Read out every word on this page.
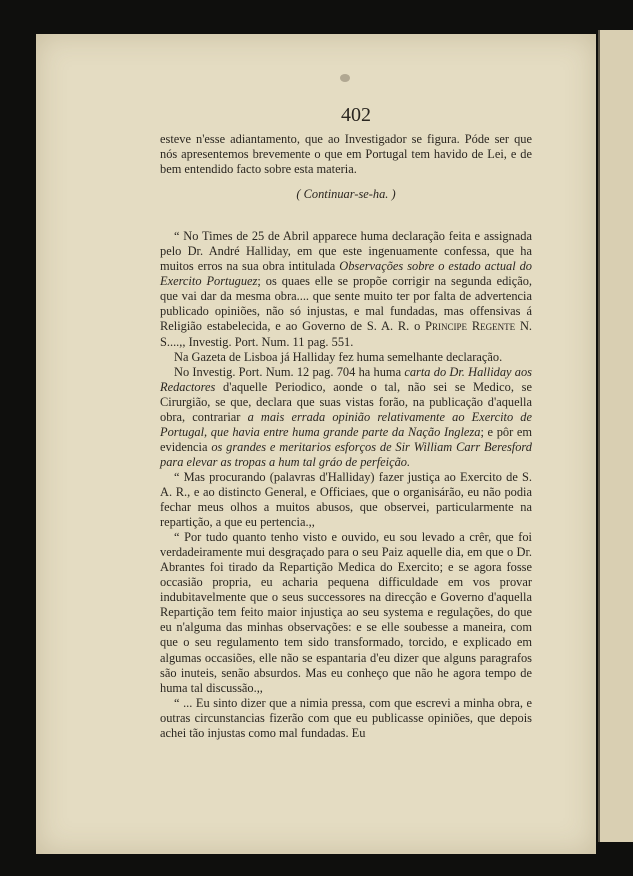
402

esteve n'esse adiantamento, que ao Investigador se figura. Póde ser que nós apresentemos brevemente o que em Portugal tem havido de Lei, e de bem entendido facto sobre esta materia.

( Continuar-se-ha. )

“ No Times de 25 de Abril apparece huma declaração feita e assignada pelo Dr. André Halliday, em que este ingenuamente confessa, que ha muitos erros na sua obra intitulada Observações sobre o estado actual do Exercito Portuguez; os quaes elle se propõe corrigir na segunda edição, que vai dar da mesma obra.... que sente muito ter por falta de advertencia publicado opiniões, não só injustas, e mal fundadas, mas offensivas á Religião estabelecida, e ao Governo de S. A. R. o Principe Regente N. S....,, Investig. Port. Num. 11 pag. 551.

Na Gazeta de Lisboa já Halliday fez huma semelhante declaração.

No Investig. Port. Num. 12 pag. 704 ha huma carta do Dr. Halliday aos Redactores d'aquelle Periodico, aonde o tal, não sei se Medico, se Cirurgião, se que, declara que suas vistas forão, na publicação d'aquella obra, contrariar a mais errada opinião relativamente ao Exercito de Portugal, que havia entre huma grande parte da Nação Ingleza; e pôr em evidencia os grandes e meritarios esforços de Sir William Carr Beresford para elevar as tropas a hum tal gráo de perfeição.

“ Mas procurando (palavras d'Halliday) fazer justiça ao Exercito de S. A. R., e ao distincto General, e Officiaes, que o organisárão, eu não podia fechar meus olhos a muitos abusos, que observei, particularmente na repartição, a que eu pertencia.,,

“ Por tudo quanto tenho visto e ouvido, eu sou levado a crêr, que foi verdadeiramente mui desgraçado para o seu Paiz aquelle dia, em que o Dr. Abrantes foi tirado da Repartição Medica do Exercito; e se agora fosse occasião propria, eu acharia pequena difficuldade em vos provar indubitavelmente que o seus successores na direcção e Governo d'aquella Repartição tem feito maior injustiça ao seu systema e regulações, do que eu n'alguma das minhas observações: e se elle soubesse a maneira, com que o seu regulamento tem sido transformado, torcido, e explicado em algumas occasiões, elle não se espantaria d'eu dizer que alguns paragrafos são inuteis, senão absurdos. Mas eu conheço que não he agora tempo de huma tal discussão.,,

“ ... Eu sinto dizer que a nimia pressa, com que escrevi a minha obra, e outras circunstancias fizerão com que eu publicasse opiniões, que depois achei tão injustas como mal fundadas. Eu
